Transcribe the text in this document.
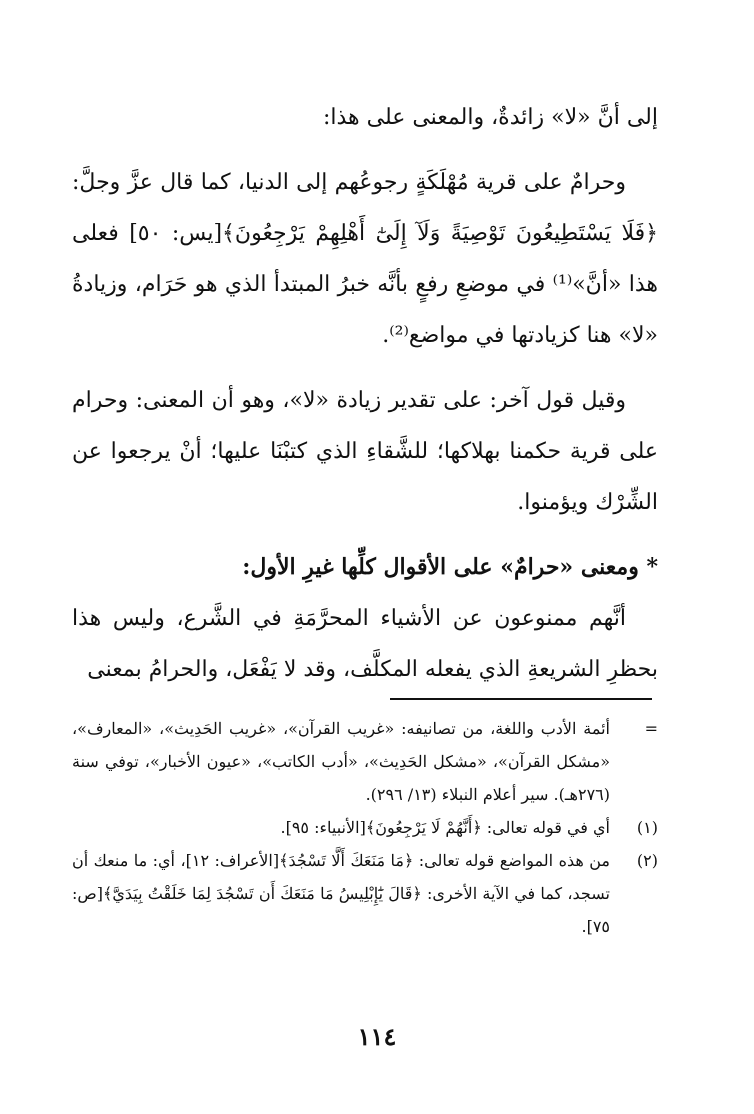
إلى أنَّ «لا» زائدةٌ، والمعنى على هذا:

وحرامٌ على قرية مُهْلَكَةٍ رجوعُهم إلى الدنيا، كما قال عزَّ وجلَّ: ﴿فَلَا يَسْتَطِيعُونَ تَوْصِيَةً وَلَآ إِلَىٰٓ أَهْلِهِمْ يَرْجِعُونَ﴾[يس: ٥٠] فعلى هذا «أنَّ»⁽¹⁾ في موضعِ رفعٍ بأنَّه خبرُ المبتدأ الذي هو حَرَام، وزيادةُ «لا» هنا كزيادتها في مواضع⁽²⁾.

وقيل قول آخر: على تقدير زيادة «لا»، وهو أن المعنى: وحرام على قرية حكمنا بهلاكها؛ للشَّقاءِ الذي كتبْنَا عليها؛ أنْ يرجعوا عن الشِّرْك ويؤمنوا.

* ومعنى «حرامٌ» على الأقوال كلِّها غيرِ الأول:

أنَّهم ممنوعون عن الأشياء المحرَّمَةِ في الشَّرع، وليس هذا بحظرِ الشريعةِ الذي يفعله المكلَّف، وقد لا يَفْعَل، والحرامُ بمعنى

=
أئمة الأدب واللغة، من تصانيفه: «غريب القرآن»، «غريب الحَدِيث»، «المعارف»، «مشكل القرآن»، «مشكل الحَدِيث»، «أدب الكاتب»، «عيون الأخبار»، توفي سنة (٢٧٦هـ). سير أعلام النبلاء (١٣/ ٢٩٦).
(١)
أي في قوله تعالى: ﴿أَنَّهُمْ لَا يَرْجِعُونَ﴾[الأنبياء: ٩٥].
(٢)
من هذه المواضع قوله تعالى: ﴿مَا مَنَعَكَ أَلَّا تَسْجُدَ﴾[الأعراف: ١٢]، أي: ما منعك أن تسجد، كما في الآية الأخرى: ﴿قَالَ يَٰٓإِبْلِيسُ مَا مَنَعَكَ أَن تَسْجُدَ لِمَا خَلَقْتُ بِيَدَيَّ﴾[ص: ٧٥].
١١٤
